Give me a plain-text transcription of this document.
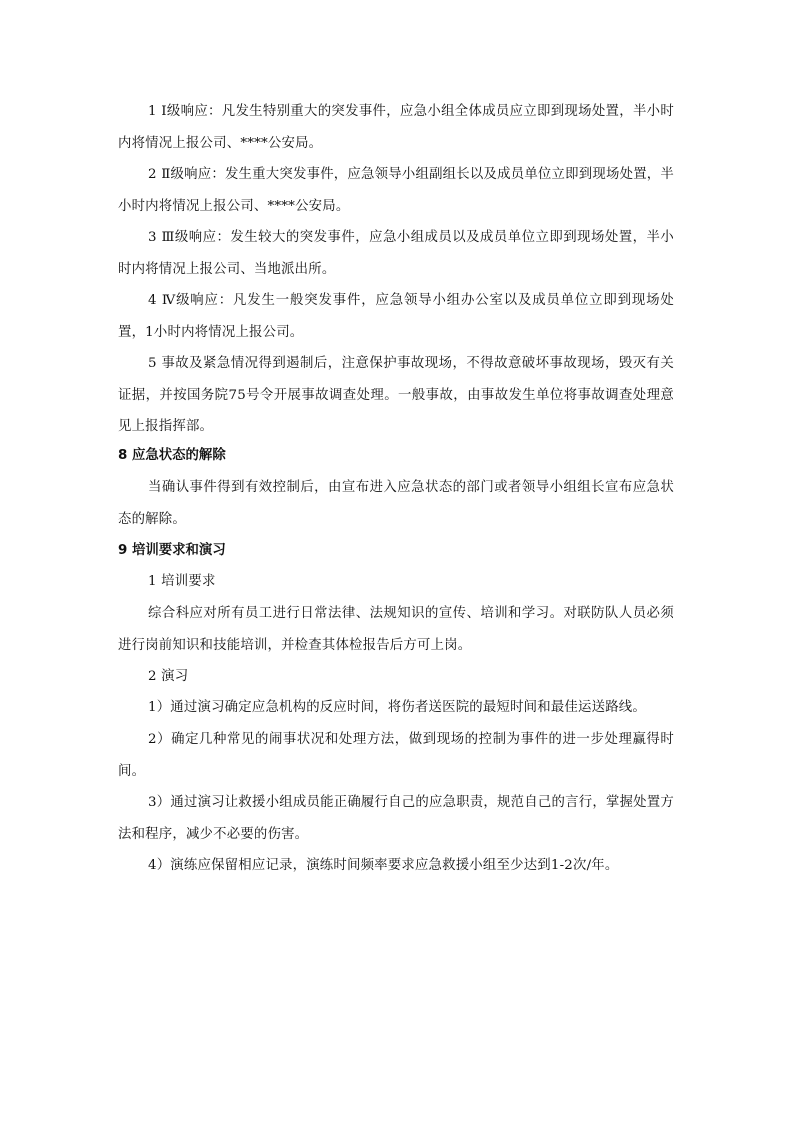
1 Ⅰ级响应：凡发生特别重大的突发事件，应急小组全体成员应立即到现场处置，半小时内将情况上报公司、****公安局。

2 Ⅱ级响应：发生重大突发事件，应急领导小组副组长以及成员单位立即到现场处置，半小时内将情况上报公司、****公安局。

3 Ⅲ级响应：发生较大的突发事件，应急小组成员以及成员单位立即到现场处置，半小时内将情况上报公司、当地派出所。

4 Ⅳ级响应：凡发生一般突发事件，应急领导小组办公室以及成员单位立即到现场处置，1小时内将情况上报公司。

5 事故及紧急情况得到遏制后，注意保护事故现场，不得故意破坏事故现场，毁灭有关证据，并按国务院75号令开展事故调查处理。一般事故，由事故发生单位将事故调查处理意见上报指挥部。

8 应急状态的解除

当确认事件得到有效控制后，由宣布进入应急状态的部门或者领导小组组长宣布应急状态的解除。

9 培训要求和演习

1 培训要求

综合科应对所有员工进行日常法律、法规知识的宣传、培训和学习。对联防队人员必须进行岗前知识和技能培训，并检查其体检报告后方可上岗。

2 演习

1）通过演习确定应急机构的反应时间，将伤者送医院的最短时间和最佳运送路线。

2）确定几种常见的闹事状况和处理方法，做到现场的控制为事件的进一步处理赢得时间。

3）通过演习让救援小组成员能正确履行自己的应急职责，规范自己的言行，掌握处置方法和程序，减少不必要的伤害。

4）演练应保留相应记录，演练时间频率要求应急救援小组至少达到1-2次/年。
